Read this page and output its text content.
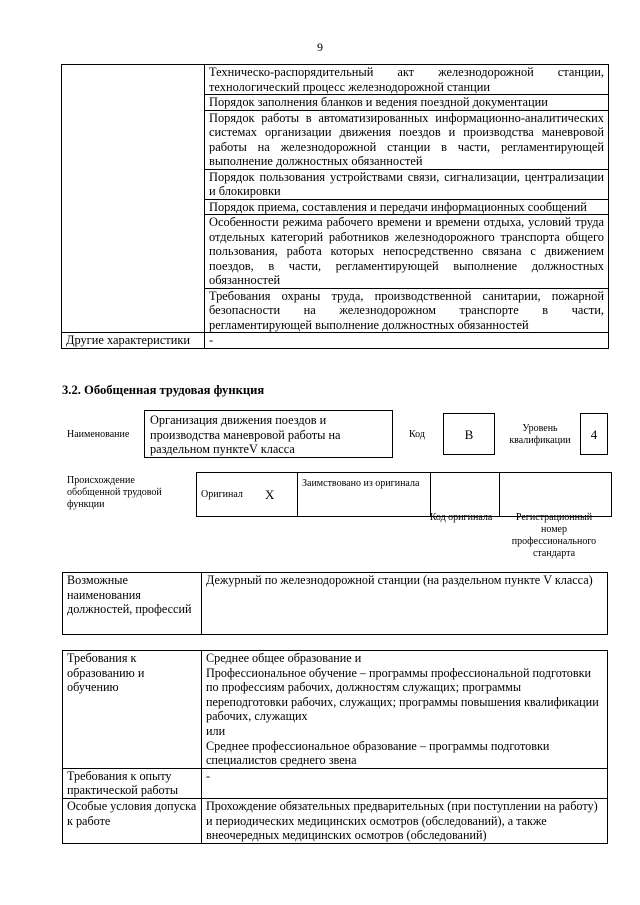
9
	Техническо-распорядительный акт железнодорожной станции, технологический процесс железнодорожной станции
	Порядок заполнения бланков и ведения поездной документации
	Порядок работы в автоматизированных информационно-аналитических системах организации движения поездов и производства маневровой работы на железнодорожной станции в части, регламентирующей выполнение должностных обязанностей
	Порядок пользования устройствами связи, сигнализации, централизации и блокировки
	Порядок приема, составления и передачи информационных сообщений
	Особенности режима рабочего времени и времени отдыха, условий труда отдельных категорий работников железнодорожного транспорта общего пользования, работа которых непосредственно связана с движением поездов, в части, регламентирующей выполнение должностных обязанностей
	Требования охраны труда, производственной санитарии, пожарной безопасности на железнодорожном транспорте в части, регламентирующей выполнение должностных обязанностей
Другие характеристики	-
3.2. Обобщенная трудовая функция
Наименование
Организация движения поездов и производства маневровой работы на раздельном пунктеV класса
Код	В	Уровень квалификации	4
Происхождение обобщенной трудовой функции
Оригинал	Х	Заимствовано из оригинала		
Код оригинала	Регистрационный номер профессионального стандарта
Возможные наименования должностей, профессий	Дежурный по железнодорожной станции (на раздельном пункте V класса)
Требования к образованию и обучению	Среднее общее образование и
Профессиональное обучение – программы профессиональной подготовки по профессиям рабочих, должностям служащих; программы переподготовки рабочих, служащих; программы повышения квалификации рабочих, служащих
или
Среднее профессиональное образование – программы подготовки специалистов среднего звена

Требования к опыту практической работы	-
Особые условия допуска к работе	Прохождение обязательных предварительных (при поступлении на работу) и периодических медицинских осмотров (обследований), а также внеочередных медицинских осмотров (обследований)
